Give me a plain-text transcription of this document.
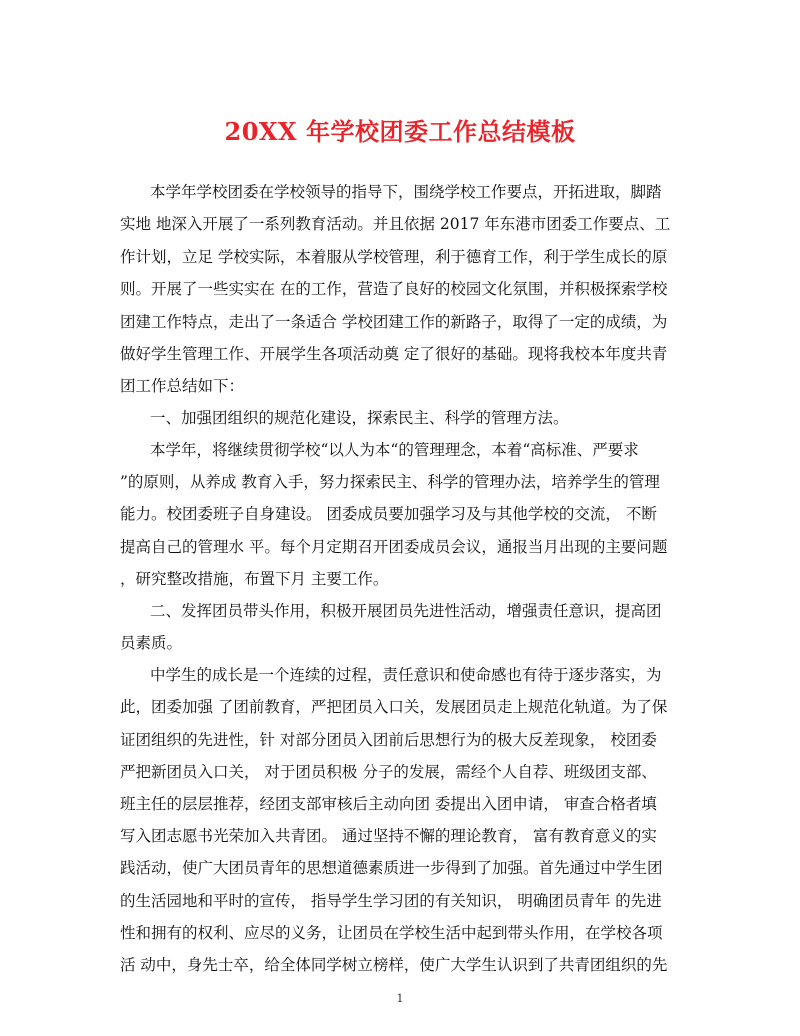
20XX 年学校团委工作总结模板
本学年学校团委在学校领导的指导下，围绕学校工作要点，开拓进取，脚踏
实地 地深入开展了一系列教育活动。并且依据 2017 年东港市团委工作要点、工
作计划，立足 学校实际，本着服从学校管理，利于德育工作，利于学生成长的原
则。开展了一些实实在 在的工作，营造了良好的校园文化氛围，并积极探索学校
团建工作特点，走出了一条适合 学校团建工作的新路子，取得了一定的成绩，为
做好学生管理工作、开展学生各项活动奠 定了很好的基础。现将我校本年度共青
团工作总结如下：
一、加强团组织的规范化建设，探索民主、科学的管理方法。
本学年，将继续贯彻学校“以人为本“的管理理念，本着“高标准、严要求
”的原则，从养成 教育入手，努力探索民主、科学的管理办法，培养学生的管理
能力。校团委班子自身建设。 团委成员要加强学习及与其他学校的交流， 不断
提高自己的管理水 平。每个月定期召开团委成员会议，通报当月出现的主要问题
，研究整改措施，布置下月 主要工作。
二、发挥团员带头作用，积极开展团员先进性活动，增强责任意识，提高团
员素质。
中学生的成长是一个连续的过程，责任意识和使命感也有待于逐步落实，为
此，团委加强 了团前教育，严把团员入口关，发展团员走上规范化轨道。为了保
证团组织的先进性，针 对部分团员入团前后思想行为的极大反差现象， 校团委
严把新团员入口关， 对于团员积极 分子的发展，需经个人自荐、班级团支部、
班主任的层层推荐，经团支部审核后主动向团 委提出入团申请， 审查合格者填
写入团志愿书光荣加入共青团。 通过坚持不懈的理论教育， 富有教育意义的实
践活动，使广大团员青年的思想道德素质进一步得到了加强。首先通过中学生团
的生活园地和平时的宣传， 指导学生学习团的有关知识， 明确团员青年 的先进
性和拥有的权利、应尽的义务，让团员在学校生活中起到带头作用，在学校各项
活 动中，身先士卒，给全体同学树立榜样，使广大学生认识到了共青团组织的先
1
